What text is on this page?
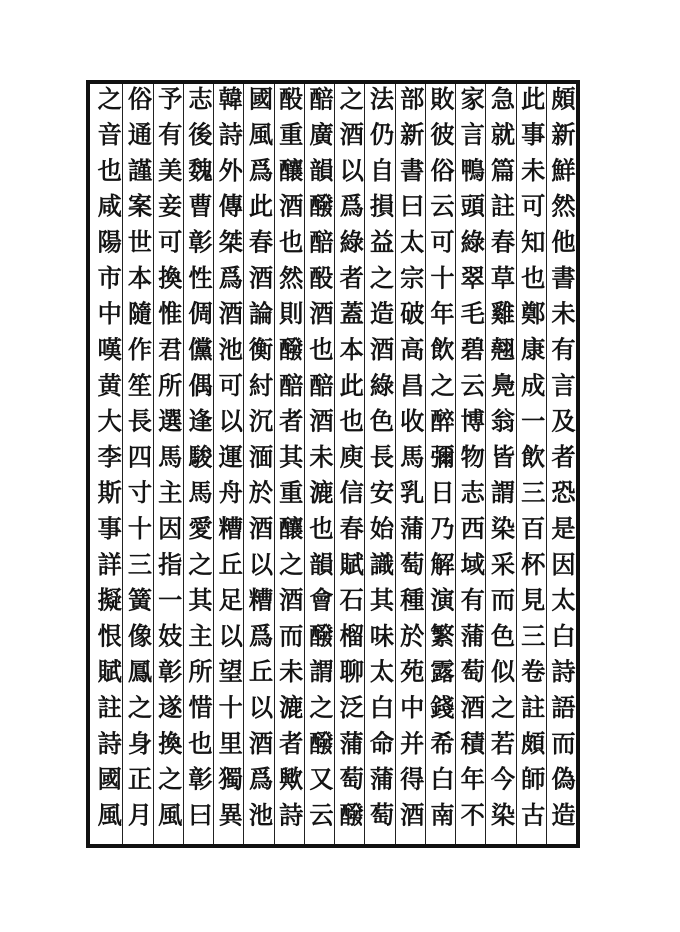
頗新鮮然他書未有言及者恐是因太白詩語而偽造
此事未可知也鄭康成一飲三百杯見三卷註頗師古
急就篇註春草雞翹鳧翁皆謂染采而色似之若今染
家言鴨頭綠翠毛碧云博物志西域有蒲萄酒積年不
敗彼俗云可十年飲之醉彌日乃解演繁露錢希白南
部新書曰太宗破高昌收馬乳蒲萄種於苑中并得酒
法仍自損益之造酒綠色長安始識其味太白命蒲萄
之酒以爲綠者蓋本此也庾信春賦石榴聊泛蒲萄醱
醅廣韻醱醅酘酒也醅酒未漉也韻會醱謂之醱又云
酘重釀酒也然則醱醅者其重釀之酒而未漉者歟詩
國風爲此春酒論衡紂沉湎於酒以糟爲丘以酒爲池
韓詩外傳桀爲酒池可以運舟糟丘足以望十里獨異
志後魏曹彰性倜儻偶逢駿馬愛之其主所惜也彰曰
予有美妾可換惟君所選馬主因指一妓彰遂換之風
俗通謹案世本隨作笙長四寸十三簧像鳳之身正月
之音也咸陽市中嘆黄大李斯事詳擬恨賦註詩國風
